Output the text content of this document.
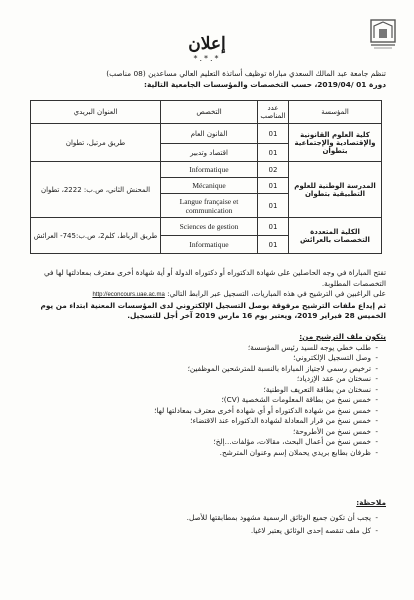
إعلان
*.*.*

تنظم جامعة عبد المالك السعدي مباراة توظيف أساتذة التعليم العالي مساعدين (08 مناصب)

دورة 01 /2019/04، حسب التخصصات والمؤسسات الجامعية التالية:

المؤسسة	عدد المناصب	التخصص	العنوان البريدي
كلية العلوم القانونية والإقتصادية والإجتماعية بتطوان	01	القانون العام	طريق مرتيل، تطوان
	01	اقتصاد وتدبير	
المدرسة الوطنية للعلوم التطبيقية بتطوان	02	Informatique	المحنش الثاني، ص.ب: 2222، تطوان
	01	Mécanique	
	01	Langue française et communication	
الكلية المتعددة التخصصات بالعرائش	01	Sciences de gestion	طريق الرباط، كلم2، ص.ب:745- العرائش
	01	Informatique	

تفتح المباراة في وجه الحاصلين على شهادة الدكتوراه أو دكتوراه الدولة أو أية شهادة أخرى معترف بمعادلتها لها في التخصصات المطلوبة.

على الراغبين في الترشيح في هذه المباريات، التسجيل عبر الرابط التالي: http://econcours.uae.ac.ma

ثم إيداع ملفات الترشيح مرفوقة بوصل التسجيل الإلكتروني لدى المؤسسات المعنية ابتداء من يوم الخميس 28 فبراير 2019، ويعتبر يوم 16 مارس 2019 آخر أجل للتسجيل.

يتكون ملف الترشيح من:

- طلب خطي يوجه للسيد رئيس المؤسسة؛
- وصل التسجيل الإلكتروني؛
- ترخيص رسمي لاجتياز المباراة بالنسبة للمترشحين الموظفين؛
- نسختان من عقد الإزدياد؛
- نسختان من بطاقة التعريف الوطنية؛
- خمس نسخ من بطاقة المعلومات الشخصية (CV)؛
- خمس نسخ من شهادة الدكتوراه أو أي شهادة أخرى معترف بمعادلتها لها؛
- خمس نسخ من قرار المعادلة لشهادة الدكتوراه عند الاقتضاء؛
- خمس نسخ من الأطروحة؛
- خمس نسخ من أعمال البحث، مقالات، مؤلفات...إلخ؛
- ظرفان بطابع بريدي يحملان إسم وعنوان المترشح.

ملاحظة:

- يجب أن تكون جميع الوثائق الرسمية مشهود بمطابقتها للأصل.
- كل ملف تنقصه إحدى الوثائق يعتبر لاغيا.
